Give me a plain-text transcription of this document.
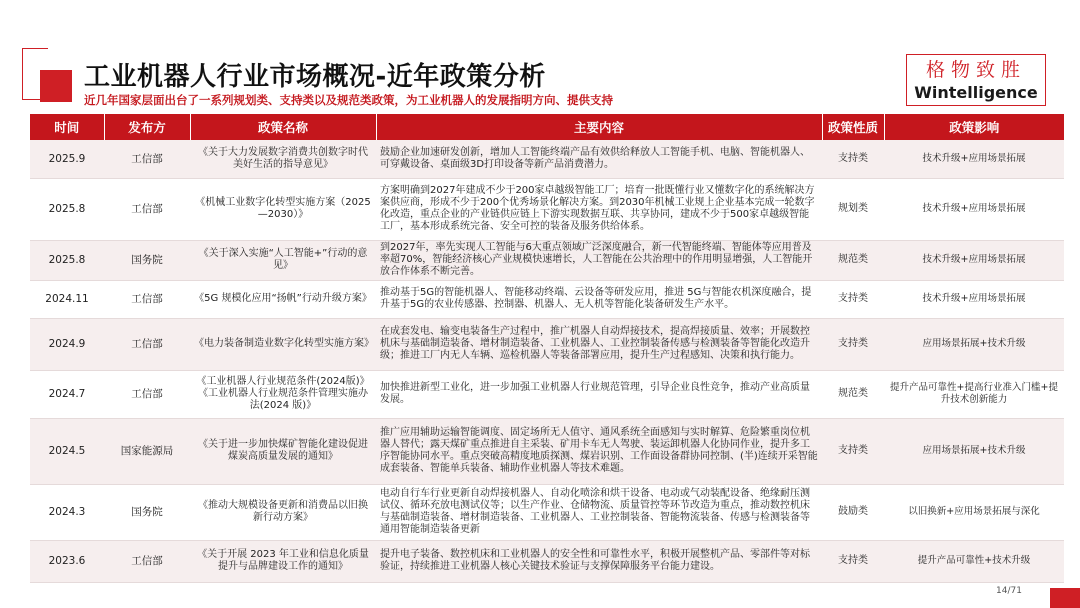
工业机器人行业市场概况-近年政策分析
近几年国家层面出台了一系列规划类、支持类以及规范类政策，为工业机器人的发展指明方向、提供支持
格物致胜
Wintelligence
时间	发布方	政策名称	主要内容	政策性质	政策影响
2025.9	工信部	《关于大力发展数字消费共创数字时代美好生活的指导意见》	鼓励企业加速研发创新，增加人工智能终端产品有效供给释放人工智能手机、电脑、智能机器人、可穿戴设备、桌面级3D打印设备等新产品消费潜力。	支持类	技术升级+应用场景拓展
2025.8	工信部	《机械工业数字化转型实施方案（2025—2030）》	方案明确到2027年建成不少于200家卓越级智能工厂；培育一批既懂行业又懂数字化的系统解决方案供应商，形成不少于200个优秀场景化解决方案。到2030年机械工业规上企业基本完成一轮数字化改造，重点企业的产业链供应链上下游实现数据互联、共享协同，建成不少于500家卓越级智能工厂，基本形成系统完备、安全可控的装备及服务供给体系。	规划类	技术升级+应用场景拓展
2025.8	国务院	《关于深入实施“人工智能+”行动的意见》	到2027年，率先实现人工智能与6大重点领域广泛深度融合，新一代智能终端、智能体等应用普及率超70%，智能经济核心产业规模快速增长，人工智能在公共治理中的作用明显增强，人工智能开放合作体系不断完善。	规范类	技术升级+应用场景拓展
2024.11	工信部	《5G 规模化应用“扬帆”行动升级方案》	推动基于5G的智能机器人、智能移动终端、云设备等研发应用，推进 5G与智能农机深度融合，提升基于5G的农业传感器、控制器、机器人、无人机等智能化装备研发生产水平。	支持类	技术升级+应用场景拓展
2024.9	工信部	《电力装备制造业数字化转型实施方案》	在成套发电、输变电装备生产过程中，推广机器人自动焊接技术，提高焊接质量、效率；开展数控机床与基础制造装备、增材制造装备、工业机器人、工业控制装备传感与检测装备等智能化改造升级；推进工厂内无人车辆、巡检机器人等装备部署应用，提升生产过程感知、决策和执行能力。	支持类	应用场景拓展+技术升级
2024.7	工信部	《工业机器人行业规范条件(2024版)》《工业机器人行业规范条件管理实施办法(2024 版)》	加快推进新型工业化，进一步加强工业机器人行业规范管理，引导企业良性竞争，推动产业高质量发展。	规范类	提升产品可靠性+提高行业准入门槛+提升技术创新能力
2024.5	国家能源局	《关于进一步加快煤矿智能化建设促进煤炭高质量发展的通知》	推广应用辅助运输智能调度、固定场所无人值守、通风系统全面感知与实时解算、危险繁重岗位机器人替代；露天煤矿重点推进自主采装、矿用卡车无人驾驶、装运卸机器人化协同作业，提升多工序智能协同水平。重点突破高精度地质探测、煤岩识别、工作面设备群协同控制、(半)连续开采智能成套装备、智能单兵装备、辅助作业机器人等技术难题。	支持类	应用场景拓展+技术升级
2024.3	国务院	《推动大规模设备更新和消费品以旧换新行动方案》	电动自行车行业更新自动焊接机器人、自动化喷涂和烘干设备、电动或气动装配设备、绝缘耐压测试仪、循环充放电测试仪等；以生产作业、仓储物流、质量管控等环节改造为重点，推动数控机床与基础制造装备、增材制造装备、工业机器人、工业控制装备、智能物流装备、传感与检测装备等通用智能制造装备更新	鼓励类	以旧换新+应用场景拓展与深化
2023.6	工信部	《关于开展 2023 年工业和信息化质量提升与品牌建设工作的通知》	提升电子装备、数控机床和工业机器人的安全性和可靠性水平，积极开展整机产品、零部件等对标验证，持续推进工业机器人核心关键技术验证与支撑保障服务平台能力建设。	支持类	提升产品可靠性+技术升级
14/71
